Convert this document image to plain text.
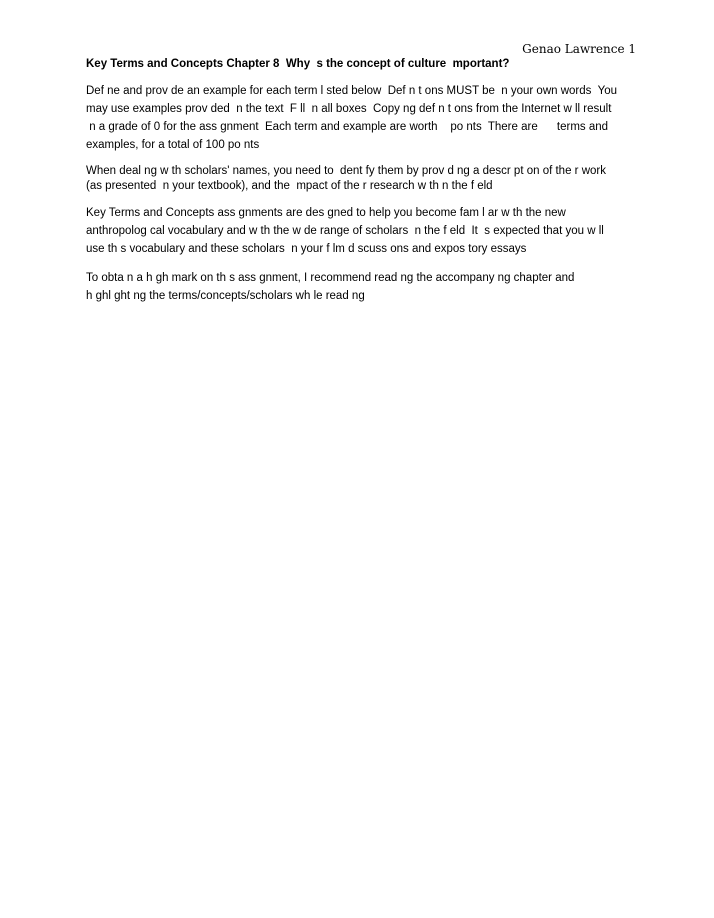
Genao Lawrence 1
Key Terms and Concepts Chapter 8  Why  s the concept of culture  mportant?

Def ne and prov de an example for each term l sted below  Def n t ons MUST be  n your own words  You
may use examples prov ded  n the text  F ll  n all boxes  Copy ng def n t ons from the Internet w ll result
n a grade of 0 for the ass gnment  Each term and example are worth    po nts  There are      terms and
examples, for a total of 100 po nts

When deal ng w th scholars' names, you need to  dent fy them by prov d ng a descr pt on of the r work
(as presented  n your textbook), and the  mpact of the r research w th n the f eld

Key Terms and Concepts ass gnments are des gned to help you become fam l ar w th the new
anthropolog cal vocabulary and w th the w de range of scholars  n the f eld  It  s expected that you w ll
use th s vocabulary and these scholars  n your f lm d scuss ons and expos tory essays

To obta n a h gh mark on th s ass gnment, I recommend read ng the accompany ng chapter and
h ghl ght ng the terms/concepts/scholars wh le read ng
